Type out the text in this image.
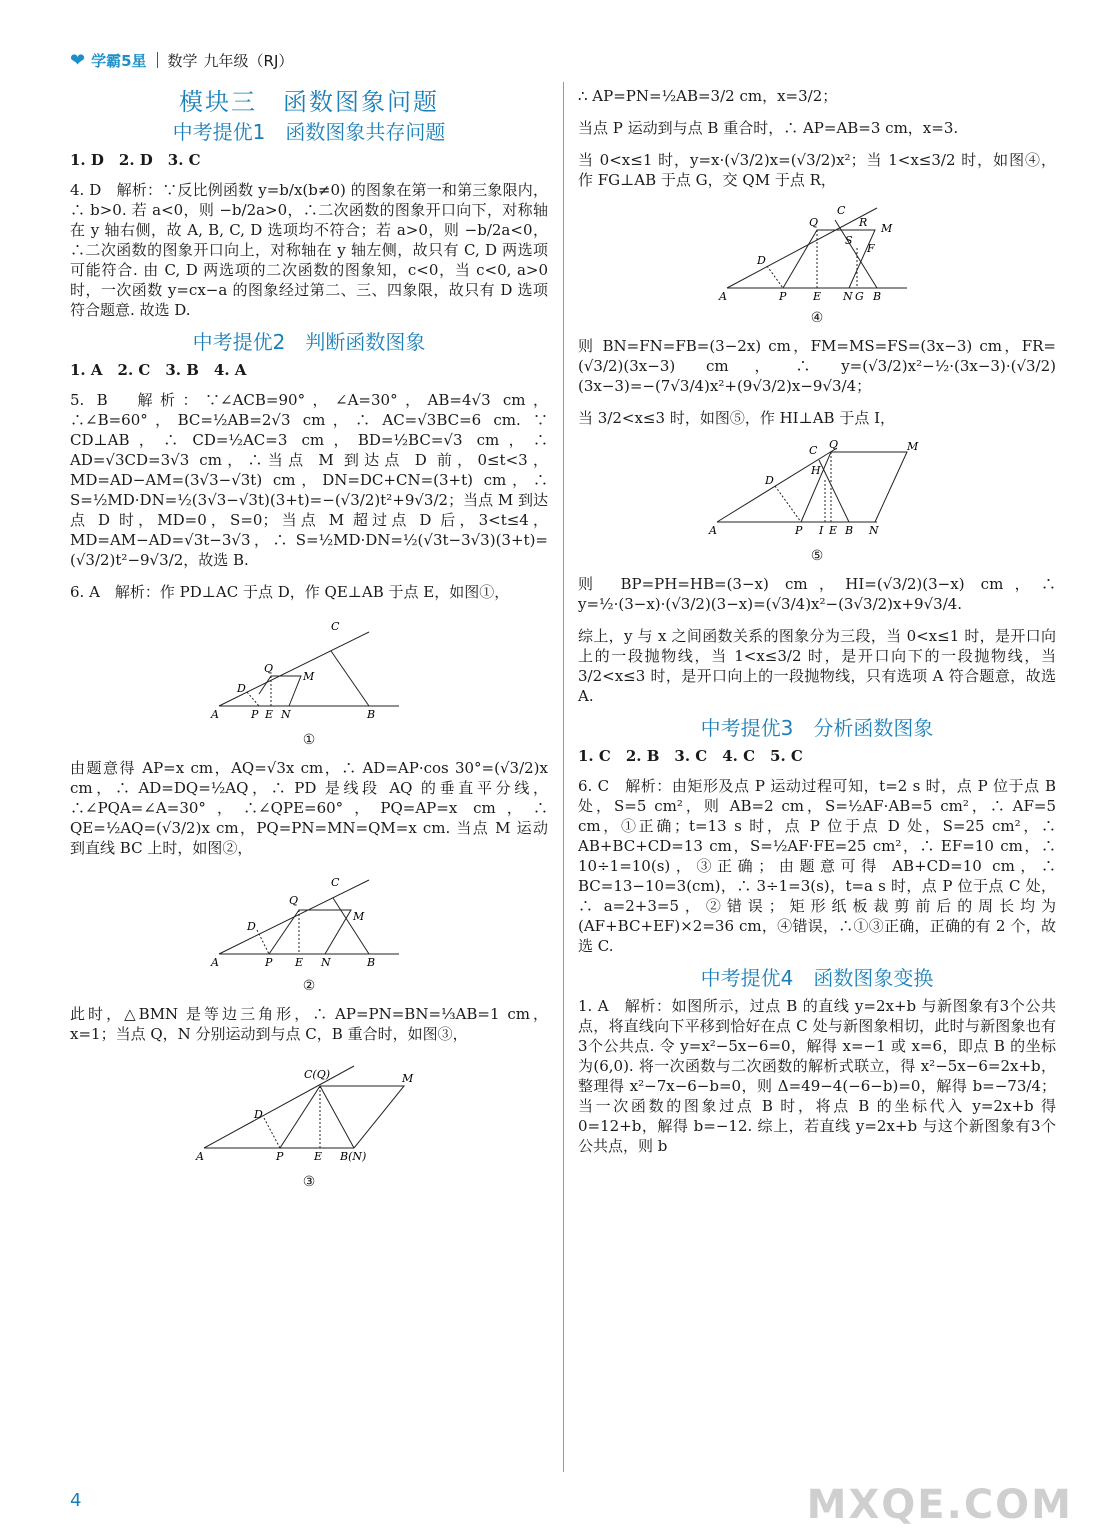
❤ 学霸5星 数学 九年级（RJ）
模块三　函数图象问题
中考提优1　函数图象共存问题
1. D　2. D　3. C

4. D　解析：∵反比例函数 y=b/x(b≠0) 的图象在第一和第三象限内，∴ b>0. 若 a<0，则 −b/2a>0，∴二次函数的图象开口向下，对称轴在 y 轴右侧，故 A, B, C, D 选项均不符合；若 a>0，则 −b/2a<0，∴二次函数的图象开口向上，对称轴在 y 轴左侧，故只有 C, D 两选项可能符合. 由 C, D 两选项的二次函数的图象知，c<0，当 c<0, a>0 时，一次函数 y=cx−a 的图象经过第二、三、四象限，故只有 D 选项符合题意. 故选 D.

中考提优2　判断函数图象
1. A　2. C　3. B　4. A

5. B　解析：∵∠ACB=90°，∠A=30°，AB=4√3 cm，∴∠B=60°，BC=½AB=2√3 cm，∴ AC=√3BC=6 cm. ∵ CD⊥AB，∴ CD=½AC=3 cm，BD=½BC=√3 cm，∴ AD=√3CD=3√3 cm，∴当点 M 到达点 D 前，0≤t<3，MD=AD−AM=(3√3−√3t) cm，DN=DC+CN=(3+t) cm，∴ S=½MD·DN=½(3√3−√3t)(3+t)=−(√3/2)t²+9√3/2；当点 M 到达点 D 时，MD=0，S=0；当点 M 超过点 D 后，3<t≤4，MD=AM−AD=√3t−3√3，∴ S=½MD·DN=½(√3t−3√3)(3+t)=(√3/2)t²−9√3/2，故选 B.

6. A　解析：作 PD⊥AC 于点 D，作 QE⊥AB 于点 E，如图①，

A
D
Q
C
M
P E N	B
①

由题意得 AP=x cm，AQ=√3x cm，∴ AD=AP·cos 30°=(√3/2)x cm，∴ AD=DQ=½AQ，∴ PD 是线段 AQ 的垂直平分线，∴∠PQA=∠A=30°，∴∠QPE=60°，PQ=AP=x cm，∴ QE=½AQ=(√3/2)x cm，PQ=PN=MN=QM=x cm. 当点 M 运动到直线 BC 上时，如图②，

A
D
Q
C
M
P E N	B
②

此时，△BMN 是等边三角形，∴ AP=PN=BN=⅓AB=1 cm，x=1；当点 Q，N 分别运动到与点 C，B 重合时，如图③，

A
D
C(Q)	M
P	E B(N)
③

∴ AP=PN=½AB=3/2 cm，x=3/2；

当点 P 运动到与点 B 重合时，∴ AP=AB=3 cm，x=3.

当 0<x≤1 时，y=x·(√3/2)x=(√3/2)x²；当 1<x≤3/2 时，如图④，作 FG⊥AB 于点 G，交 QM 于点 R，

A
D
Q
C
R M
S
F
P E N G B
④

则 BN=FN=FB=(3−2x) cm，FM=MS=FS=(3x−3) cm，FR=(√3/2)(3x−3) cm，∴ y=(√3/2)x²−½·(3x−3)·(√3/2)(3x−3)=−(7√3/4)x²+(9√3/2)x−9√3/4；

当 3/2<x≤3 时，如图⑤，作 HI⊥AB 于点 I，

A
D
C Q
H
M
P I E B N
⑤

则 BP=PH=HB=(3−x) cm，HI=(√3/2)(3−x) cm，∴ y=½·(3−x)·(√3/2)(3−x)=(√3/4)x²−(3√3/2)x+9√3/4.

综上，y 与 x 之间函数关系的图象分为三段，当 0<x≤1 时，是开口向上的一段抛物线，当 1<x≤3/2 时，是开口向下的一段抛物线，当 3/2<x≤3 时，是开口向上的一段抛物线，只有选项 A 符合题意，故选 A.

中考提优3　分析函数图象
1. C　2. B　3. C　4. C　5. C

6. C　解析：由矩形及点 P 运动过程可知，t=2 s 时，点 P 位于点 B 处，S=5 cm²，则 AB=2 cm，S=½AF·AB=5 cm²，∴ AF=5 cm，①正确；t=13 s 时，点 P 位于点 D 处，S=25 cm²，∴ AB+BC+CD=13 cm，S=½AF·FE=25 cm²，∴ EF=10 cm，∴ 10÷1=10(s)，③正确；由题意可得 AB+CD=10 cm，∴ BC=13−10=3(cm)，∴ 3÷1=3(s)，t=a s 时，点 P 位于点 C 处，∴ a=2+3=5，②错误；矩形纸板裁剪前后的周长均为 (AF+BC+EF)×2=36 cm，④错误，∴①③正确，正确的有 2 个，故选 C.

中考提优4　函数图象变换

1. A　解析：如图所示，过点 B 的直线 y=2x+b 与新图象有3个公共点，将直线向下平移到恰好在点 C 处与新图象相切，此时与新图象也有3个公共点. 令 y=x²−5x−6=0，解得 x=−1 或 x=6，即点 B 的坐标为(6,0). 将一次函数与二次函数的解析式联立，得 x²−5x−6=2x+b，整理得 x²−7x−6−b=0，则 Δ=49−4(−6−b)=0，解得 b=−73/4；当一次函数的图象过点 B 时，将点 B 的坐标代入 y=2x+b 得 0=12+b，解得 b=−12. 综上，若直线 y=2x+b 与这个新图象有3个公共点，则 b

4	MXQE.COM
